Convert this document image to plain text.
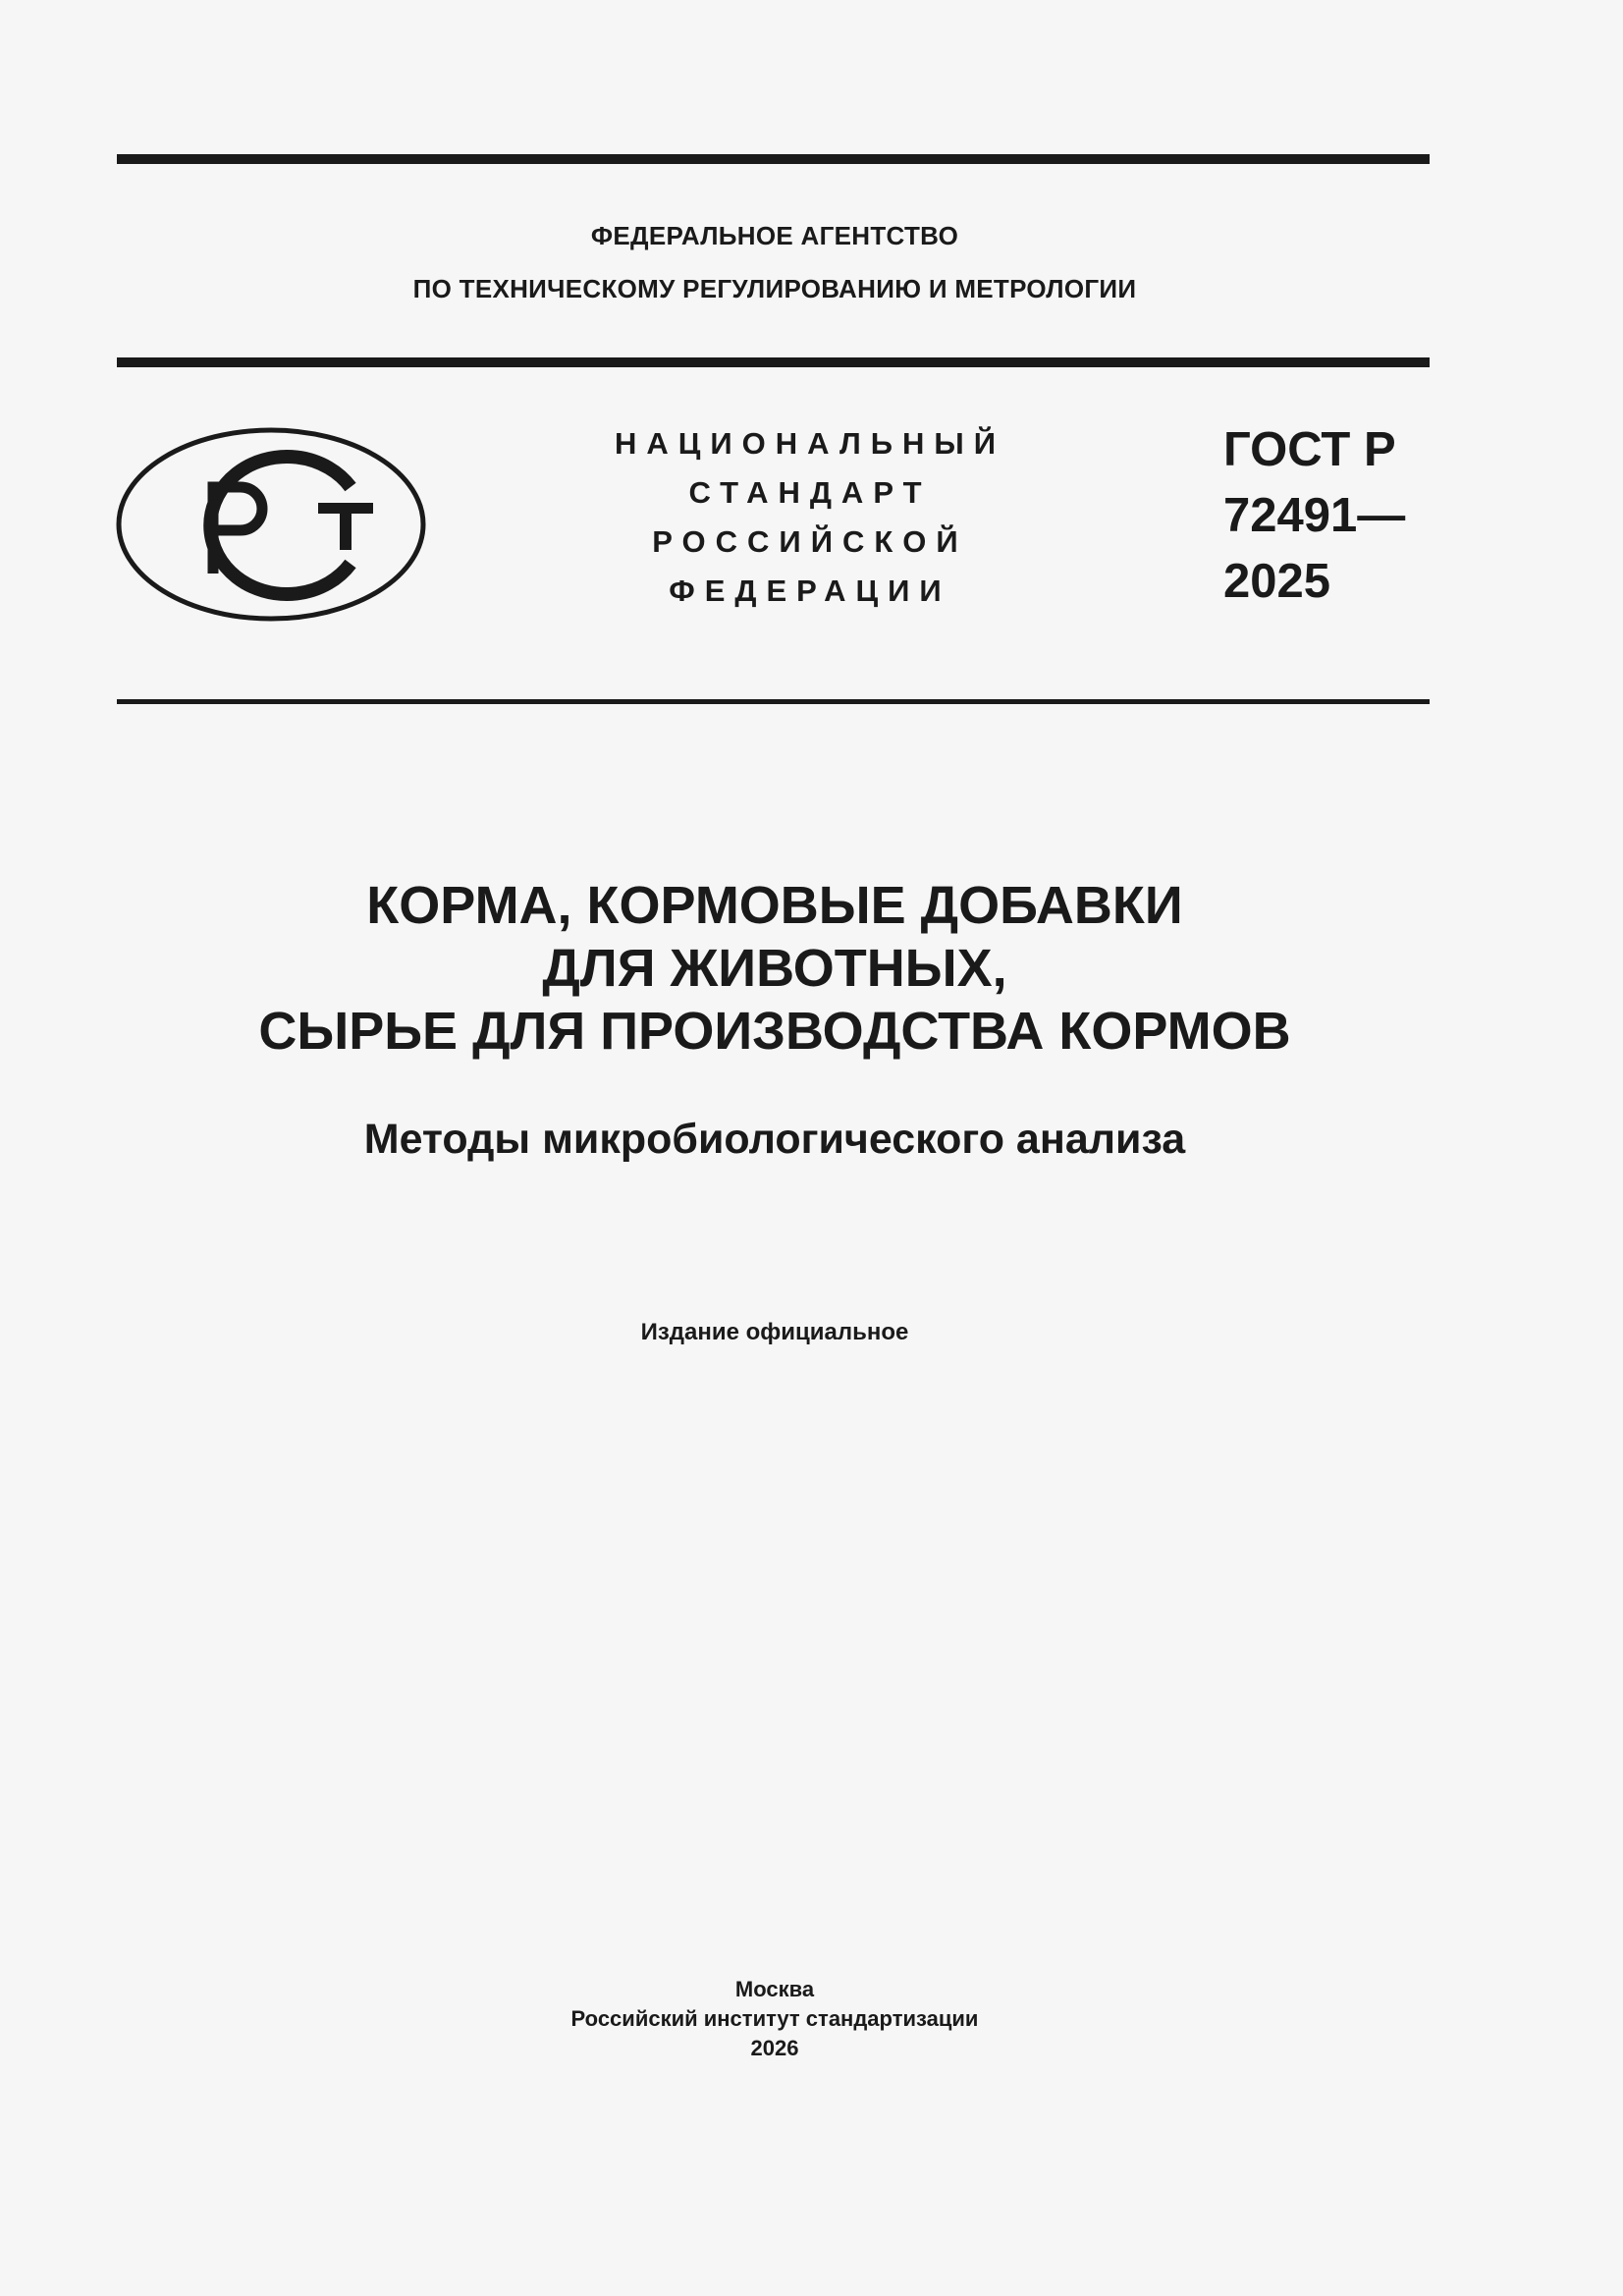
ФЕДЕРАЛЬНОЕ АГЕНТСТВО
ПО ТЕХНИЧЕСКОМУ РЕГУЛИРОВАНИЮ И МЕТРОЛОГИИ
НАЦИОНАЛЬНЫЙ
СТАНДАРТ
РОССИЙСКОЙ
ФЕДЕРАЦИИ
ГОСТ Р
72491—
2025
КОРМА, КОРМОВЫЕ ДОБАВКИ
ДЛЯ ЖИВОТНЫХ,
СЫРЬЕ ДЛЯ ПРОИЗВОДСТВА КОРМОВ
Методы микробиологического анализа
Издание официальное
Москва
Российский институт стандартизации
2026
